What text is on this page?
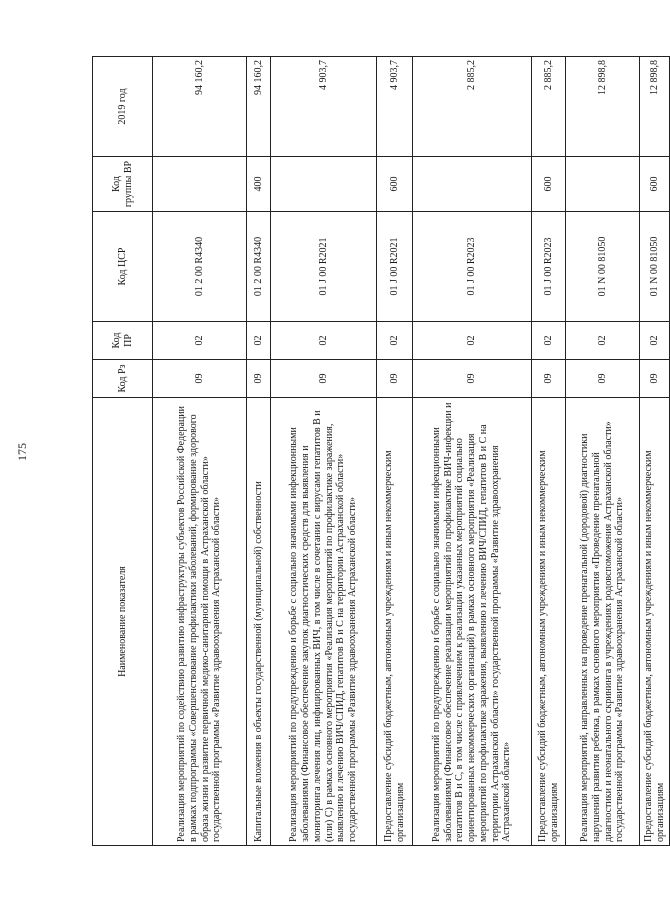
175
Наименование показателя	Код Рз	Код ПР	Код ЦСР	Код группы ВР	2019 год
Реализация мероприятий по содействию развитию инфраструктуры субъектов Российской Федерации в рамках подпрограммы «Совершенствование профилактики заболеваний, формирование здорового образа жизни и развитие первичной медико-санитарной помощи в Астраханской области» государственной программы «Развитие здравоохранения Астраханской области»	09	02	01 2 00 R4340		94 160,2
Капитальные вложения в объекты государственной (муниципальной) собственности	09	02	01 2 00 R4340	400	94 160,2
Реализация мероприятий по предупреждению и борьбе с социально значимыми инфекционными заболеваниями (Финансовое обеспечение закупок диагностических средств для выявления и мониторинга лечения лиц, инфицированных ВИЧ, в том числе в сочетании с вирусами гепатитов В и (или) С) в рамках основного мероприятия «Реализация мероприятий по профилактике заражения, выявлению и лечению ВИЧ/СПИД, гепатитов В и С на территории Астраханской области» государственной программы «Развитие здравоохранения Астраханской области»	09	02	01 J 00 R2021		4 903,7
Предоставление субсидий бюджетным, автономным учреждениям и иным некоммерческим организациям	09	02	01 J 00 R2021	600	4 903,7
Реализация мероприятий по предупреждению и борьбе с социально значимыми инфекционными заболеваниями (Финансовое обеспечение реализации мероприятий по профилактике ВИЧ-инфекции и гепатитов В и С, в том числе с привлечением к реализации указанных мероприятий социально ориентированных некоммерческих организаций) в рамках основного мероприятия «Реализация мероприятий по профилактике заражения, выявлению и лечению ВИЧ/СПИД, гепатитов В и С на территории Астраханской области» государственной программы «Развитие здравоохранения Астраханской области»	09	02	01 J 00 R2023		2 885,2
Предоставление субсидий бюджетным, автономным учреждениям и иным некоммерческим организациям	09	02	01 J 00 R2023	600	2 885,2
Реализация мероприятий, направленных на проведение пренатальной (дородовой) диагностики нарушений развития ребенка, в рамках основного мероприятия «Проведение пренатальной диагностики и неонатального скрининга в учреждениях родовспоможения Астраханской области» государственной программы «Развитие здравоохранения Астраханской области»	09	02	01 N 00 81050		12 898,8
Предоставление субсидий бюджетным, автономным учреждениям и иным некоммерческим организациям	09	02	01 N 00 81050	600	12 898,8
